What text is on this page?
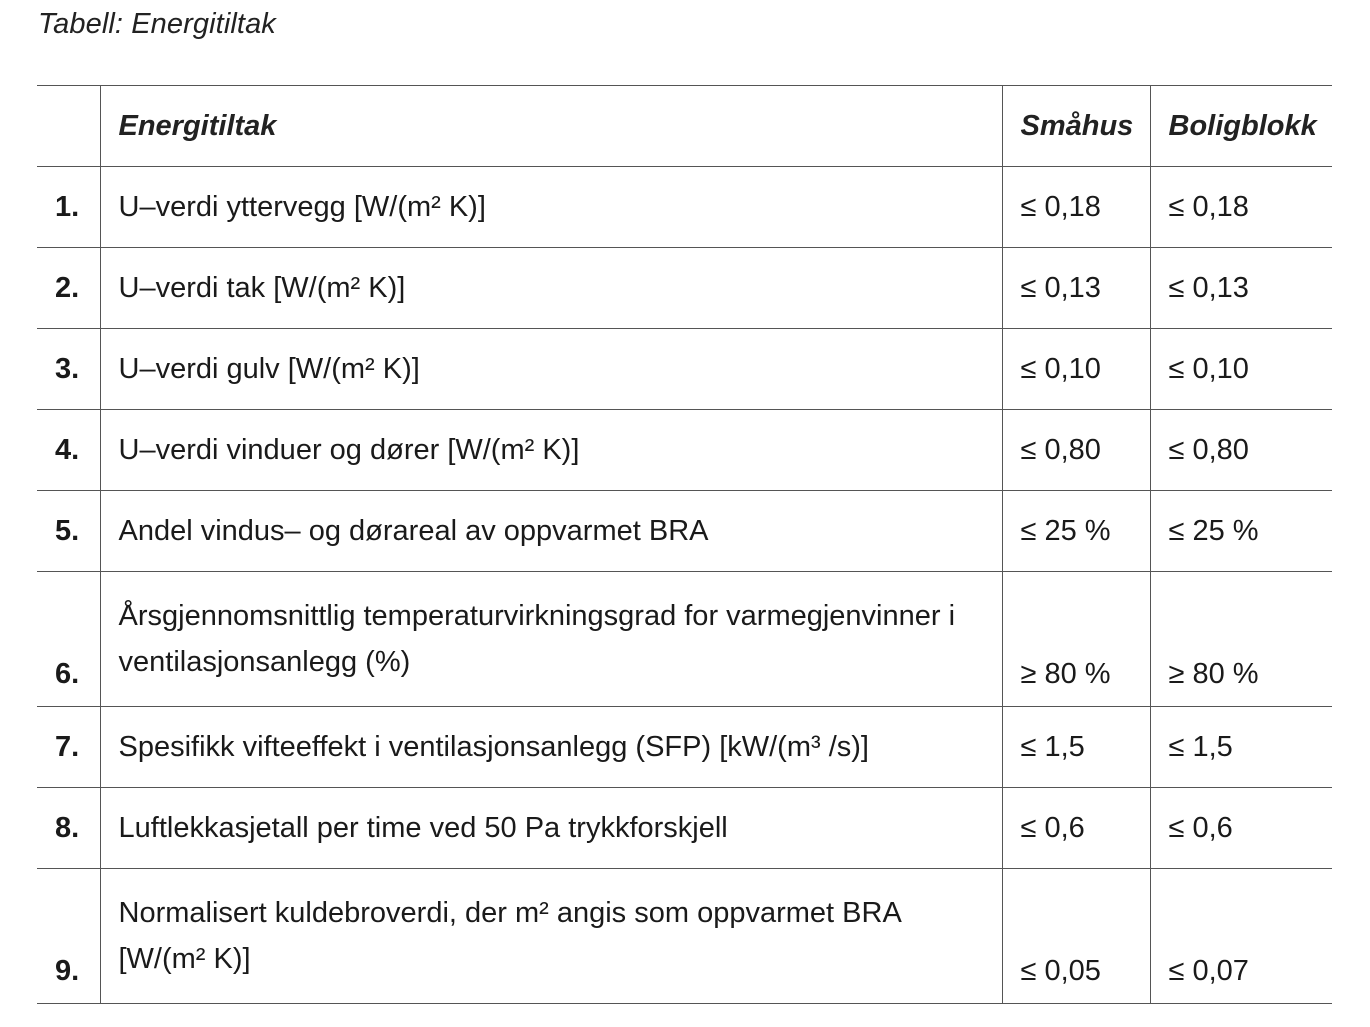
Tabell: Energitiltak
	Energitiltak	Småhus	Boligblokk
1.	U–verdi yttervegg [W/(m² K)]	≤ 0,18	≤ 0,18
2.	U–verdi tak [W/(m² K)]	≤ 0,13	≤ 0,13
3.	U–verdi gulv [W/(m² K)]	≤ 0,10	≤ 0,10
4.	U–verdi vinduer og dører [W/(m² K)]	≤ 0,80	≤ 0,80
5.	Andel vindus– og dørareal av oppvarmet BRA	≤ 25 %	≤ 25 %
6.	Årsgjennomsnittlig temperaturvirkningsgrad for varmegjenvinner i ventilasjonsanlegg (%)	≥ 80 %	≥ 80 %
7.	Spesifikk vifteeffekt i ventilasjonsanlegg (SFP) [kW/(m³ /s)]	≤ 1,5	≤ 1,5
8.	Luftlekkasjetall per time ved 50 Pa trykkforskjell	≤ 0,6	≤ 0,6
9.	Normalisert kuldebroverdi, der m² angis som oppvarmet BRA [W/(m² K)]	≤ 0,05	≤ 0,07
